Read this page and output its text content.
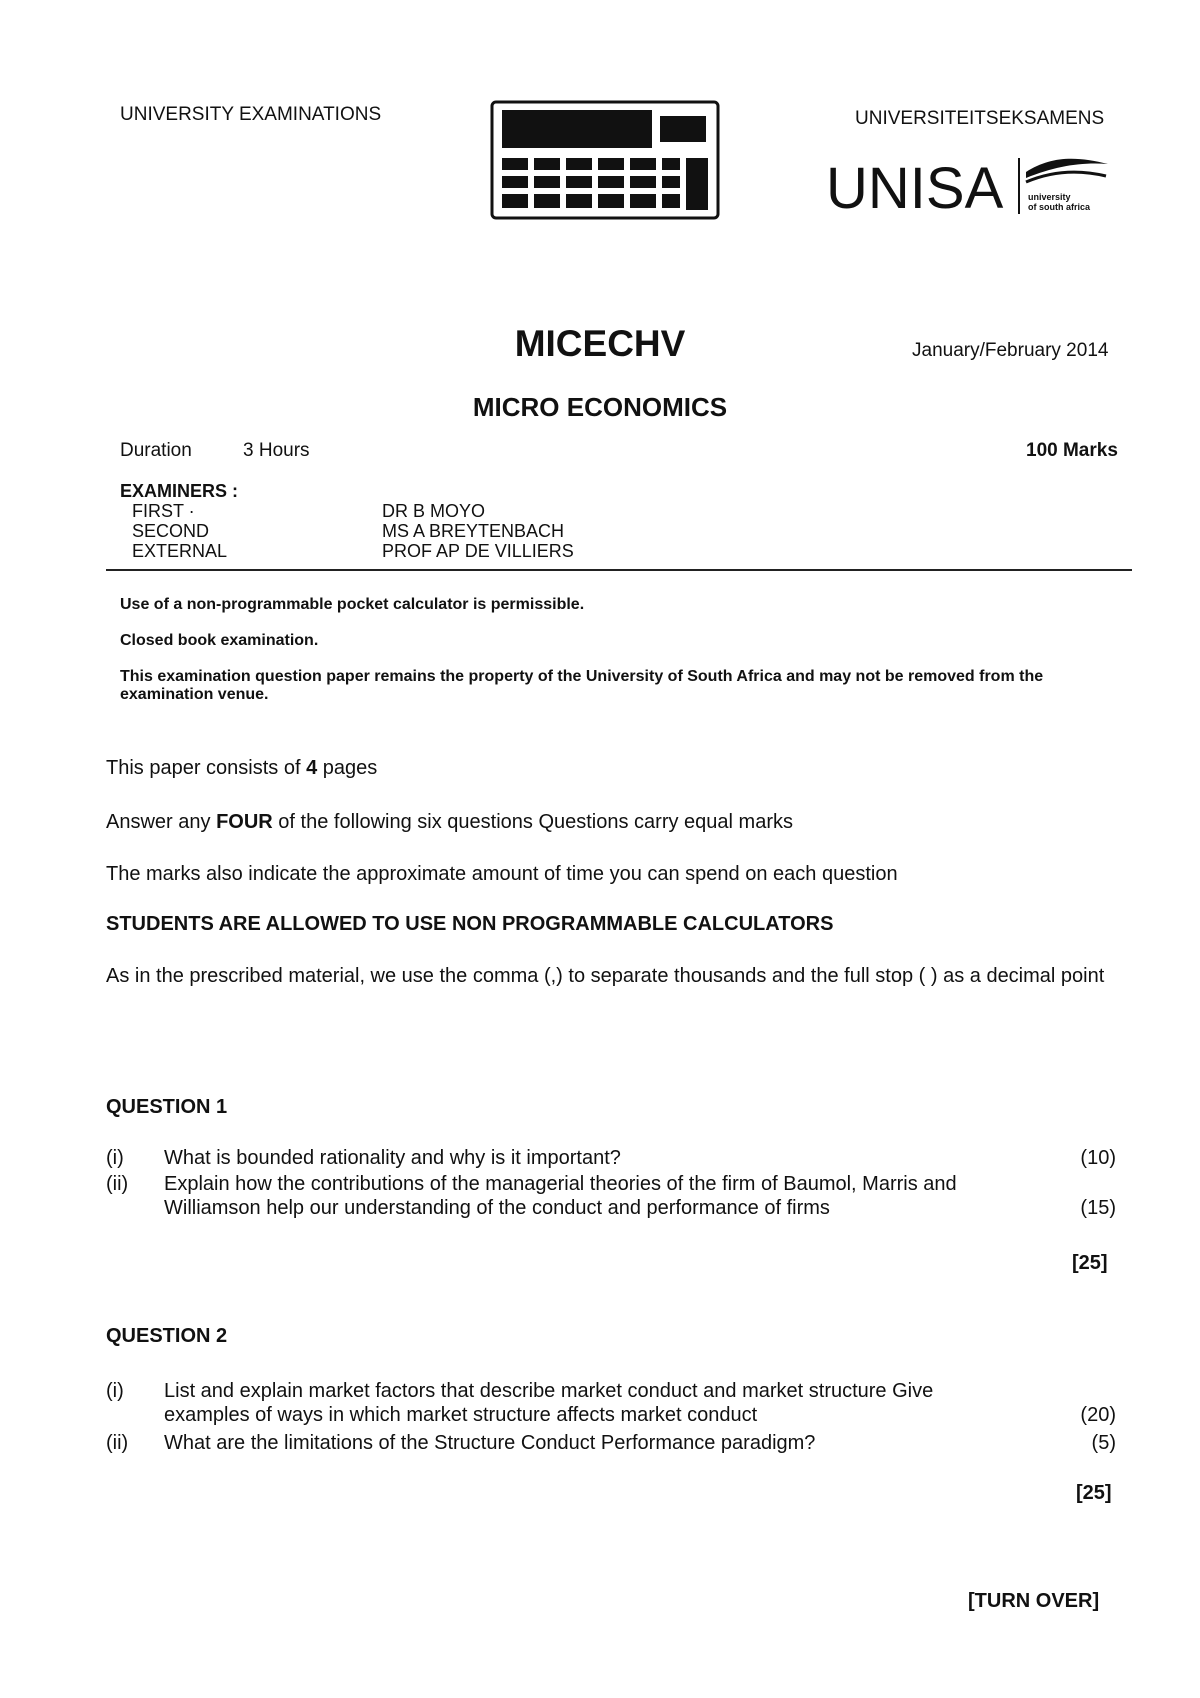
UNIVERSITY EXAMINATIONS	UNIVERSITEITSEKSAMENS
UNISA	university
of south africa
MICECHV	January/February 2014
MICRO ECONOMICS
Duration	3 Hours	100 Marks
EXAMINERS :
FIRST ·	DR B MOYO
SECOND	MS A BREYTENBACH
EXTERNAL	PROF AP DE VILLIERS

Use of a non-programmable pocket calculator is permissible.

Closed book examination.

This examination question paper remains the property of the University of South Africa and may not be removed from the examination venue.

This paper consists of 4 pages
Answer any FOUR of the following six questions Questions carry equal marks
The marks also indicate the approximate amount of time you can spend on each question
STUDENTS ARE ALLOWED TO USE NON PROGRAMMABLE CALCULATORS
As in the prescribed material, we use the comma (,) to separate thousands and the full stop ( ) as a decimal point
QUESTION 1
(i)	What is bounded rationality and why is it important?	(10)
(ii)	Explain how the contributions of the managerial theories of the firm of Baumol, Marris and Williamson help our understanding of the conduct and performance of firms	(15)
[25]
QUESTION 2
(i)	List and explain market factors that describe market conduct and market structure Give examples of ways in which market structure affects market conduct	(20)
(ii)	What are the limitations of the Structure Conduct Performance paradigm?	(5)
[25]
[TURN OVER]
